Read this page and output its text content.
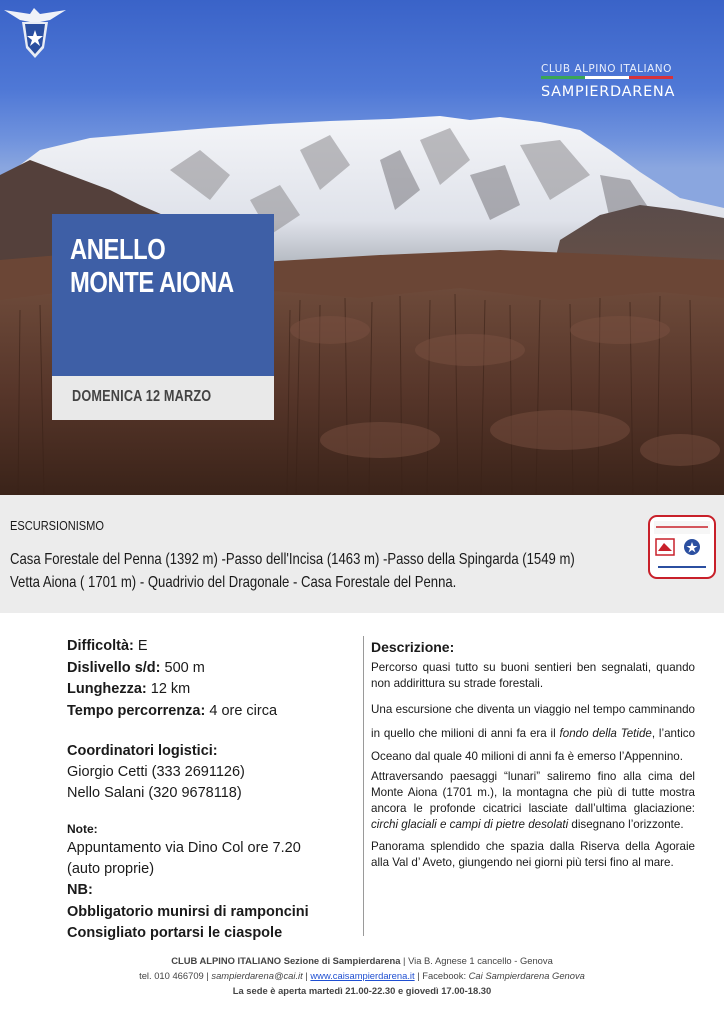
CLUB ALPINO ITALIANO
SAMPIERDARENA
ANELLO
MONTE AIONA
DOMENICA 12 MARZO
ESCURSIONISMO
Casa Forestale del Penna (1392 m) -Passo dell'Incisa (1463 m) -Passo della Spingarda (1549 m)
Vetta Aiona ( 1701 m) - Quadrivio del Dragonale - Casa Forestale del Penna.
Difficoltà: E
Dislivello s/d: 500 m
Lunghezza: 12 km
Tempo percorrenza: 4 ore circa
Coordinatori logistici:
Giorgio Cetti (333 2691126)
Nello Salani (320 9678118)
Note:
Appuntamento via Dino Col ore 7.20
(auto proprie)
NB:
Obbligatorio munirsi di ramponcini
Consigliato portarsi le ciaspole
Descrizione:
Percorso quasi tutto su buoni sentieri ben segnalati, quando non addirittura su strade forestali.
Una escursione che diventa un viaggio nel tempo camminando in quello che milioni di anni fa era il fondo della Tetide, l’antico Oceano dal quale 40 milioni di anni fa è emerso l’Appennino.
Attraversando paesaggi “lunari” saliremo fino alla cima del Monte Aiona (1701 m.), la montagna che più di tutte mostra ancora le profonde cicatrici lasciate dall’ultima glaciazione: circhi glaciali e campi di pietre desolati disegnano l’orizzonte.
Panorama splendido che spazia dalla Riserva della Agoraie alla Val d’ Aveto, giungendo nei giorni più tersi fino al mare.
CLUB ALPINO ITALIANO Sezione di Sampierdarena | Via B. Agnese 1 cancello - Genova
tel. 010 466709 | sampierdarena@cai.it | www.caisampierdarena.it | Facebook: Cai Sampierdarena Genova
La sede è aperta martedì 21.00-22.30 e giovedì 17.00-18.30
